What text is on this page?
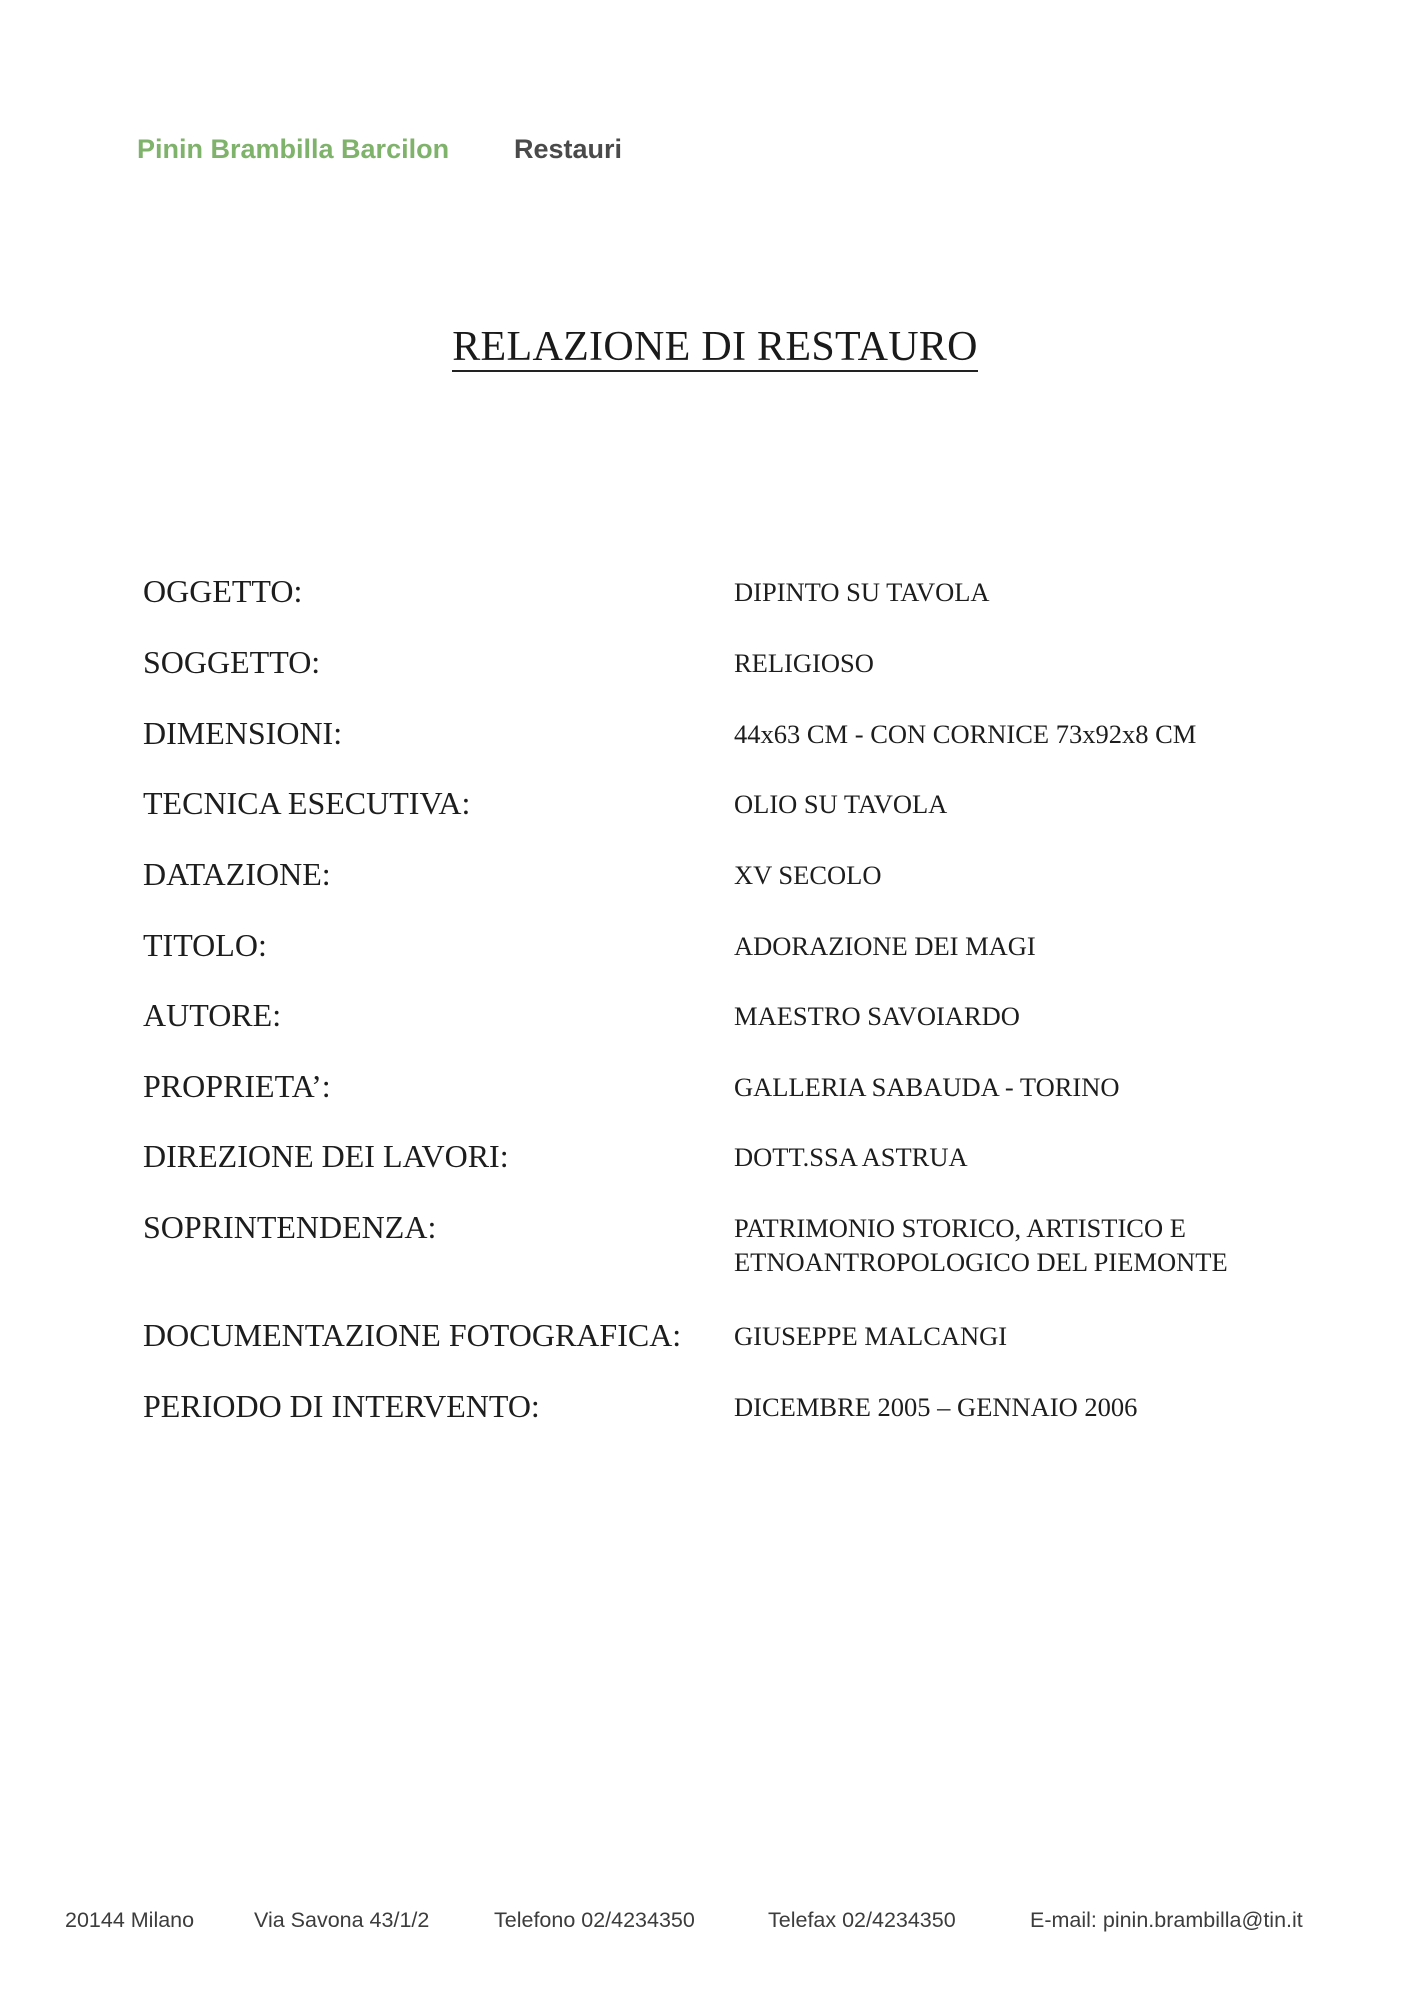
Pinin Brambilla Barcilon Restauri
RELAZIONE DI RESTAURO
OGGETTO:	DIPINTO SU TAVOLA
SOGGETTO:	RELIGIOSO
DIMENSIONI:	44x63 CM - CON CORNICE 73x92x8 CM
TECNICA ESECUTIVA:	OLIO SU TAVOLA
DATAZIONE:	XV SECOLO
TITOLO:	ADORAZIONE DEI MAGI
AUTORE:	MAESTRO SAVOIARDO
PROPRIETA’:	GALLERIA SABAUDA - TORINO
DIREZIONE DEI LAVORI:	DOTT.SSA ASTRUA
SOPRINTENDENZA:	PATRIMONIO STORICO, ARTISTICO E
ETNOANTROPOLOGICO DEL PIEMONTE
DOCUMENTAZIONE FOTOGRAFICA: GIUSEPPE MALCANGI
PERIODO DI INTERVENTO:	DICEMBRE 2005 – GENNAIO 2006
20144 Milano	Via Savona 43/1/2	Telefono 02/4234350	Telefax 02/4234350	E-mail: pinin.brambilla@tin.it
